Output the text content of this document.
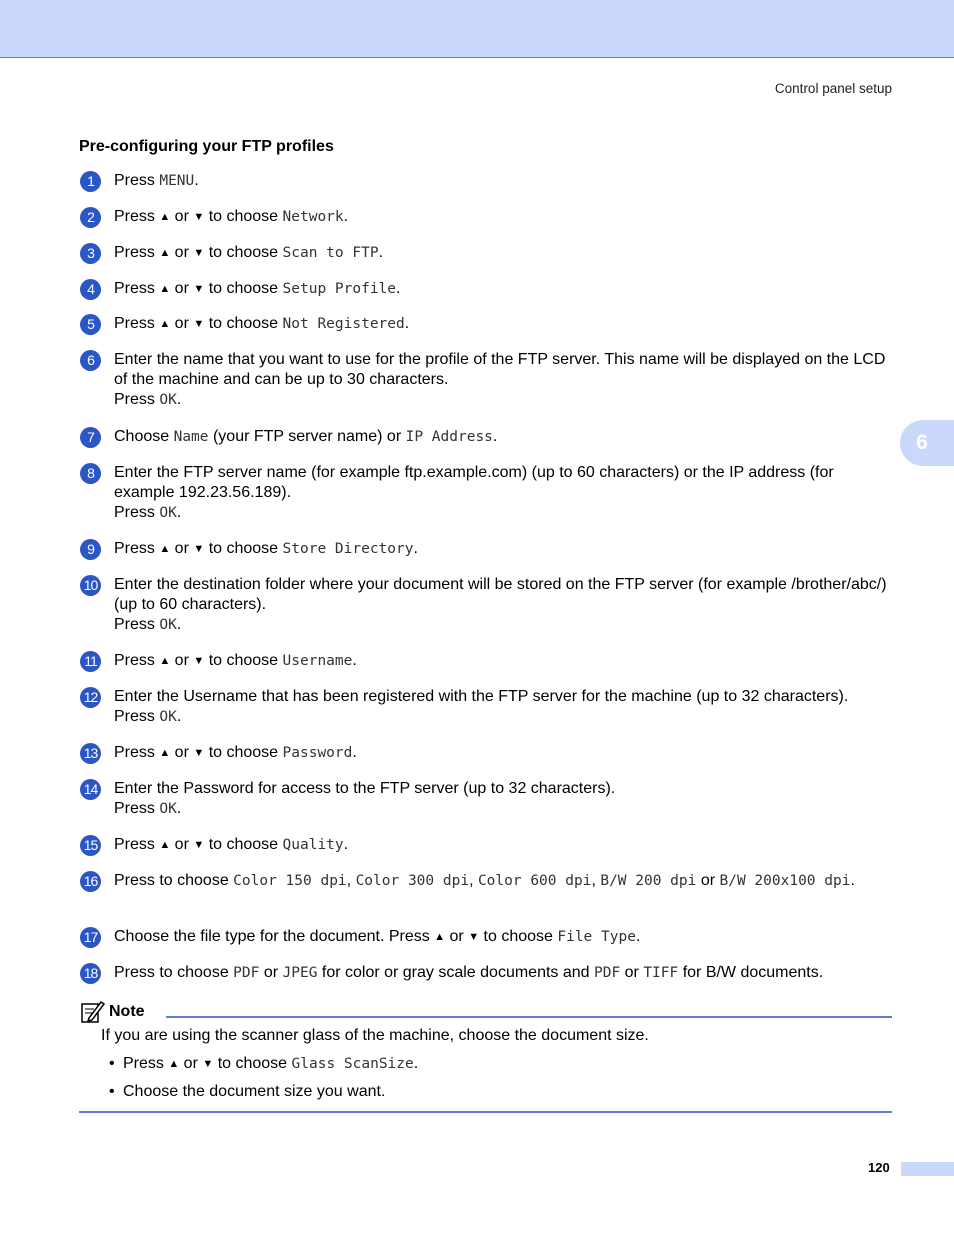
Control panel setup
6
Pre-configuring your FTP profiles
1	Press MENU.
2	Press ▲ or ▼ to choose Network.
3	Press ▲ or ▼ to choose Scan to FTP.
4	Press ▲ or ▼ to choose Setup Profile.
5	Press ▲ or ▼ to choose Not Registered.
6	Enter the name that you want to use for the profile of the FTP server. This name will be displayed on the LCD of the machine and can be up to 30 characters.
Press OK.
7	Choose Name (your FTP server name) or IP Address.
8	Enter the FTP server name (for example ftp.example.com) (up to 60 characters) or the IP address (for example 192.23.56.189).
Press OK.
9	Press ▲ or ▼ to choose Store Directory.
10 Enter the destination folder where your document will be stored on the FTP server (for example /brother/abc/) (up to 60 characters).
Press OK.
11 Press ▲ or ▼ to choose Username.
12 Enter the Username that has been registered with the FTP server for the machine (up to 32 characters).
Press OK.
13 Press ▲ or ▼ to choose Password.
14 Enter the Password for access to the FTP server (up to 32 characters).
Press OK.
15 Press ▲ or ▼ to choose Quality.
16 Press to choose Color 150 dpi, Color 300 dpi, Color 600 dpi, B/W 200 dpi or B/W 200x100 dpi.
17 Choose the file type for the document. Press ▲ or ▼ to choose File Type.
18 Press to choose PDF or JPEG for color or gray scale documents and PDF or TIFF for B/W documents.
Note
If you are using the scanner glass of the machine, choose the document size.
• Press ▲ or ▼ to choose Glass ScanSize.
• Choose the document size you want.
120
